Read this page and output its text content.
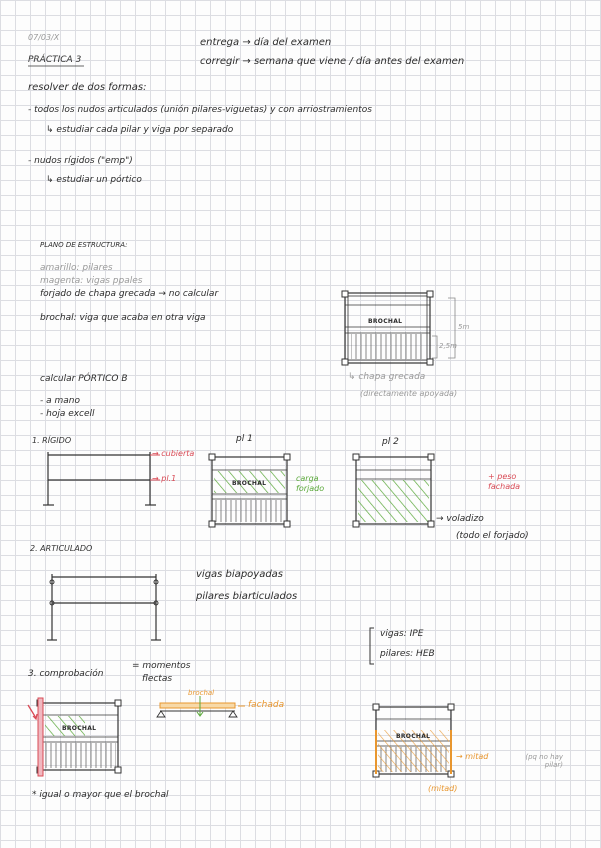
07/03/X
PRÁCTICA 3
entrega → día del examen
corregir → semana que viene / día antes del examen
resolver de dos formas:
- todos los nudos articulados (unión pilares-viguetas) y con arriostramientos
↳ estudiar cada pilar y viga por separado
- nudos rígidos ("emp")
↳ estudiar un pórtico
PLANO DE ESTRUCTURA:
amarillo: pilares
magenta: vigas ppales
forjado de chapa grecada → no calcular
brochal: viga que acaba en otra viga	BROCHAL
5m
2,5m
↳ chapa grecada
(directamente apoyada)
calcular PÓRTICO B
- a mano
- hoja excell
1. RÍGIDO
→ cubierta
→ pl.1
pl 1
BROCHAL
carga forjado
pl 2
+ peso fachada
→ voladizo
(todo el forjado)
2. ARTICULADO
vigas biapoyadas
pilares biarticulados
vigas: IPE
pilares: HEB
3. comprobación
= momentos
flectas
BROCHAL
brochal
fachada
* igual o mayor que el brochal
BROCHAL
→ mitad	(pq no hay pilar)
(mitad)
